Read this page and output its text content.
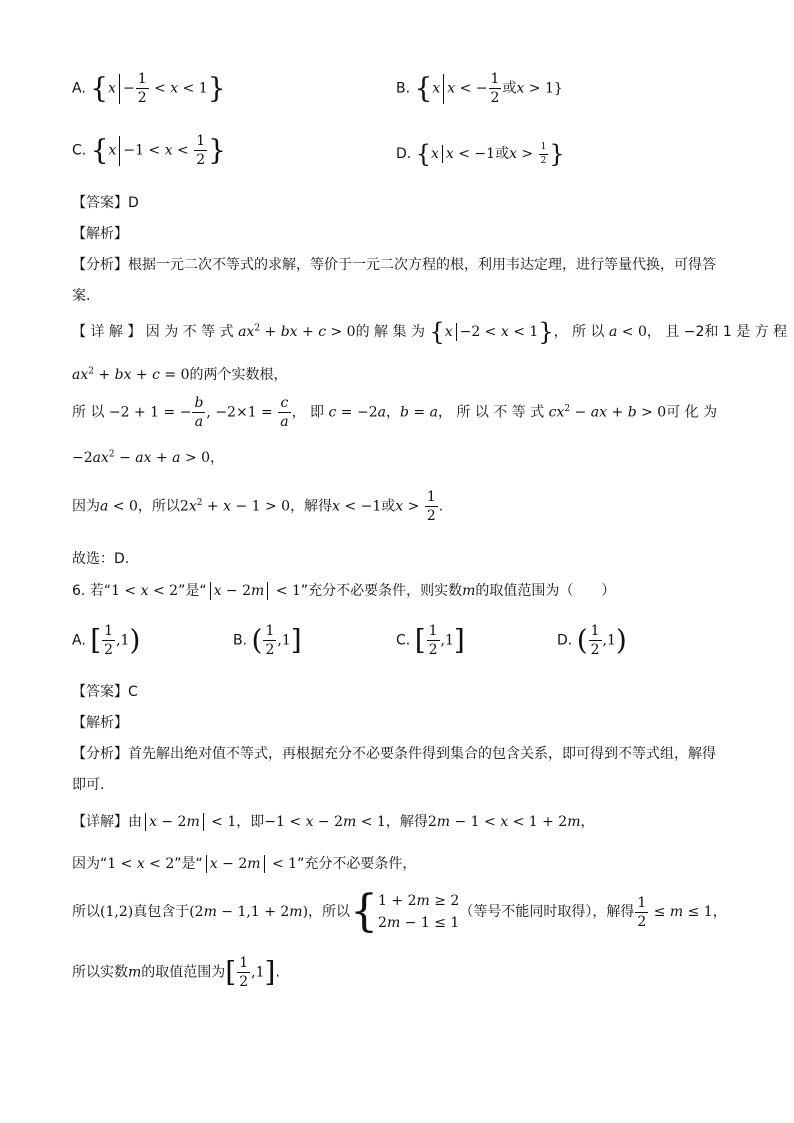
A. $\{x - \frac{1}{2} < x < 1\}$	B. {x x < − $\frac{1}{2}$ 或x > 1}
C. {$x -1 < x < \frac{1}{2}$ }	D. {x x < −1或$x > \frac{1}{2}$ }
【答案】D
【解析】
【分析】根据一元二次不等式的求解，等价于一元二次方程的根，利用韦达定理，进行等量代换，可得答
案.
【 详 解 】 因 为 不 等 式 $ax^2$ + bx + c > 0的 解 集 为 {x −2 < x < 1}， 所 以 a < 0， 且 −2和 1 是 方 程
$ax^2$ + bx + c = 0的两个实数根，
所 以 −2 + 1 = − $\frac{b}{a}$ , $-2\times 1 = \frac{c}{a}$ ， 即 c = −2a，b = a， 所 以 不 等 式 $cx^2$ − ax + b > 0可 化 为
$-2ax^2$ − ax + a > 0，
因为a < 0，所以$2x^2 + x - 1 > 0$，解得x < −1或$x > \frac{1}{2}$ .
故选：D.
6. 若“1 < x < 2”是“ x − 2m < 1”充分不必要条件，则实数m的取值范围为（　　）
A. [ $\frac{1}{2} ,1$)	B. ( $\frac{1}{2} ,1$]	C. [ $\frac{1}{2} ,1$]	D. ( $\frac{1}{2} ,1$)
【答案】C
【解析】
【分析】首先解出绝对值不等式，再根据充分不必要条件得到集合的包含关系，即可得到不等式组，解得
即可.
【详解】由 x − 2m < 1，即−1 < x − 2m < 1，解得2m − 1 < x < 1 + 2m，
因为“1 < x < 2”是“ x − 2m < 1”充分不必要条件，
所以(1,2)真包含于(2m − 1,1 + 2m)，所以{ 1 + 2m ≥ 2
2m − 1 ≤ 1
（等号不能同时取得），解得 $\frac{1}{2} \le m \le 1$，
所以实数m的取值范围为[ $\frac{1}{2} ,1$].
